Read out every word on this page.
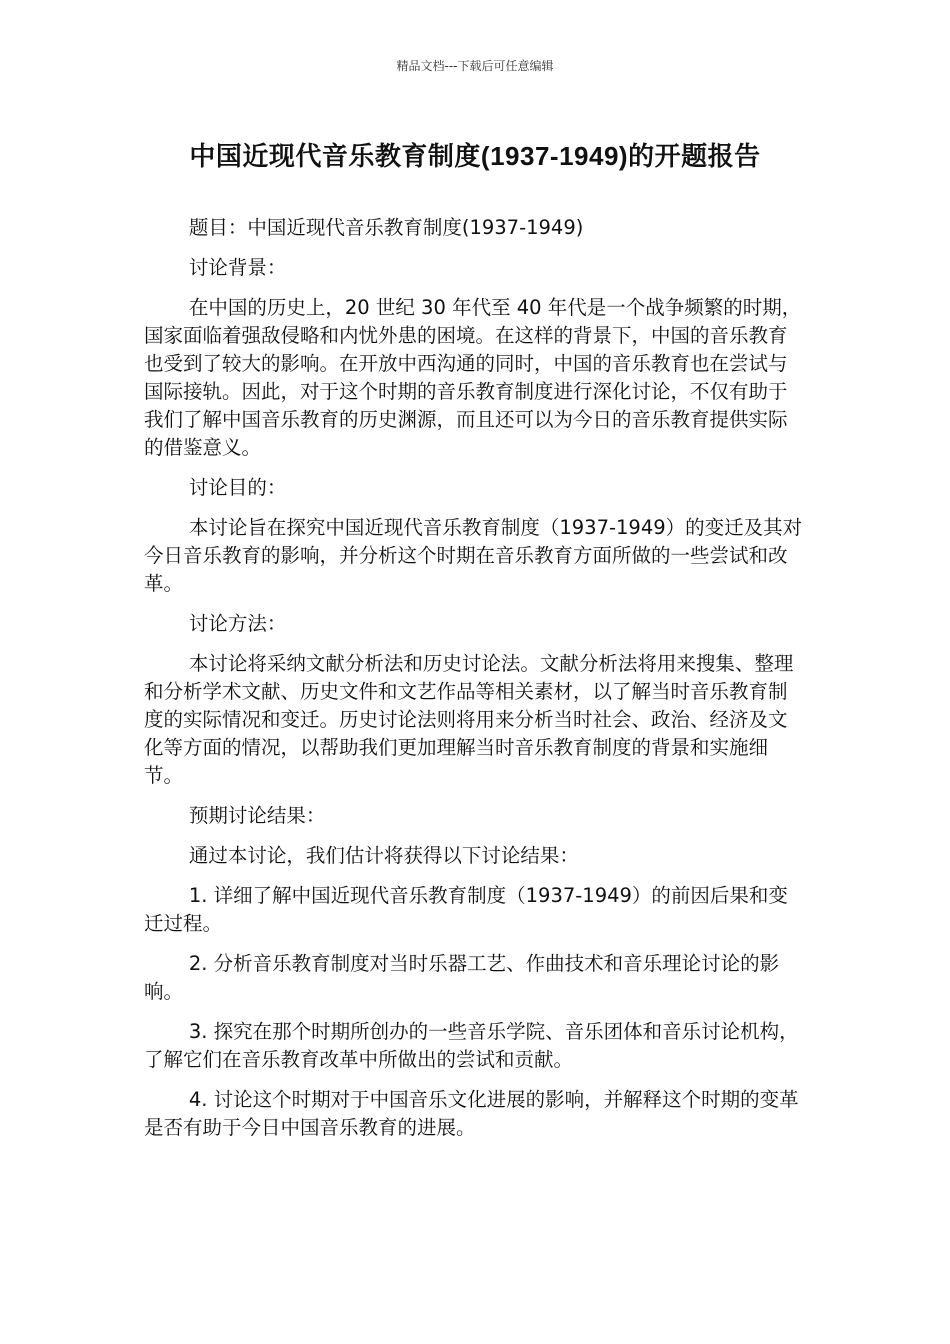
精品文档---下载后可任意编辑
中国近现代音乐教育制度(1937-1949)的开题报告

题目：中国近现代音乐教育制度(1937-1949)

讨论背景：

在中国的历史上，20 世纪 30 年代至 40 年代是一个战争频繁的时期，国家面临着强敌侵略和内忧外患的困境。在这样的背景下，中国的音乐教育也受到了较大的影响。在开放中西沟通的同时，中国的音乐教育也在尝试与国际接轨。因此，对于这个时期的音乐教育制度进行深化讨论，不仅有助于我们了解中国音乐教育的历史渊源，而且还可以为今日的音乐教育提供实际的借鉴意义。

讨论目的：

本讨论旨在探究中国近现代音乐教育制度（1937-1949）的变迁及其对今日音乐教育的影响，并分析这个时期在音乐教育方面所做的一些尝试和改革。

讨论方法：

本讨论将采纳文献分析法和历史讨论法。文献分析法将用来搜集、整理和分析学术文献、历史文件和文艺作品等相关素材，以了解当时音乐教育制度的实际情况和变迁。历史讨论法则将用来分析当时社会、政治、经济及文化等方面的情况，以帮助我们更加理解当时音乐教育制度的背景和实施细节。

预期讨论结果：

通过本讨论，我们估计将获得以下讨论结果：

1. 详细了解中国近现代音乐教育制度（1937-1949）的前因后果和变迁过程。

2. 分析音乐教育制度对当时乐器工艺、作曲技术和音乐理论讨论的影响。

3. 探究在那个时期所创办的一些音乐学院、音乐团体和音乐讨论机构，了解它们在音乐教育改革中所做出的尝试和贡献。

4. 讨论这个时期对于中国音乐文化进展的影响，并解释这个时期的变革是否有助于今日中国音乐教育的进展。
